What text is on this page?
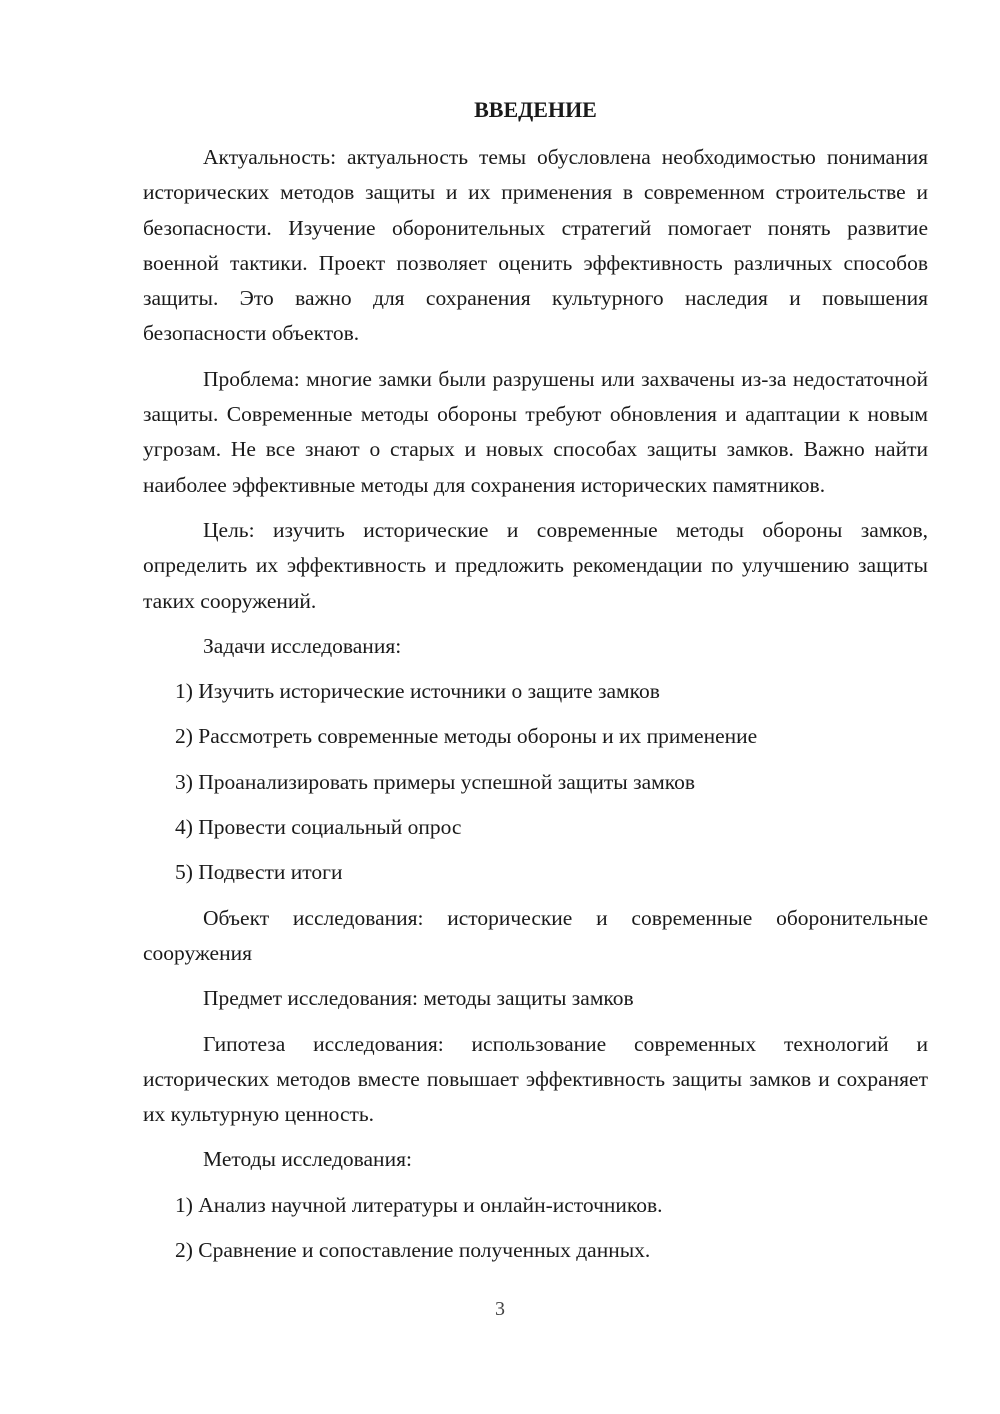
ВВЕДЕНИЕ

Актуальность: актуальность темы обусловлена необходимостью понимания исторических методов защиты и их применения в современном строительстве и безопасности. Изучение оборонительных стратегий помогает понять развитие военной тактики. Проект позволяет оценить эффективность различных способов защиты. Это важно для сохранения культурного наследия и повышения безопасности объектов.

Проблема: многие замки были разрушены или захвачены из-за недостаточной защиты. Современные методы обороны требуют обновления и адаптации к новым угрозам. Не все знают о старых и новых способах защиты замков. Важно найти наиболее эффективные методы для сохранения исторических памятников.

Цель: изучить исторические и современные методы обороны замков, определить их эффективность и предложить рекомендации по улучшению защиты таких сооружений.

Задачи исследования:

1) Изучить исторические источники о защите замков

2) Рассмотреть современные методы обороны и их применение

3) Проанализировать примеры успешной защиты замков

4) Провести социальный опрос

5) Подвести итоги

Объект исследования: исторические и современные оборонительные сооружения

Предмет исследования: методы защиты замков

Гипотеза исследования: использование современных технологий и исторических методов вместе повышает эффективность защиты замков и сохраняет их культурную ценность.

Методы исследования:

1) Анализ научной литературы и онлайн-источников.

2) Сравнение и сопоставление полученных данных.

3
